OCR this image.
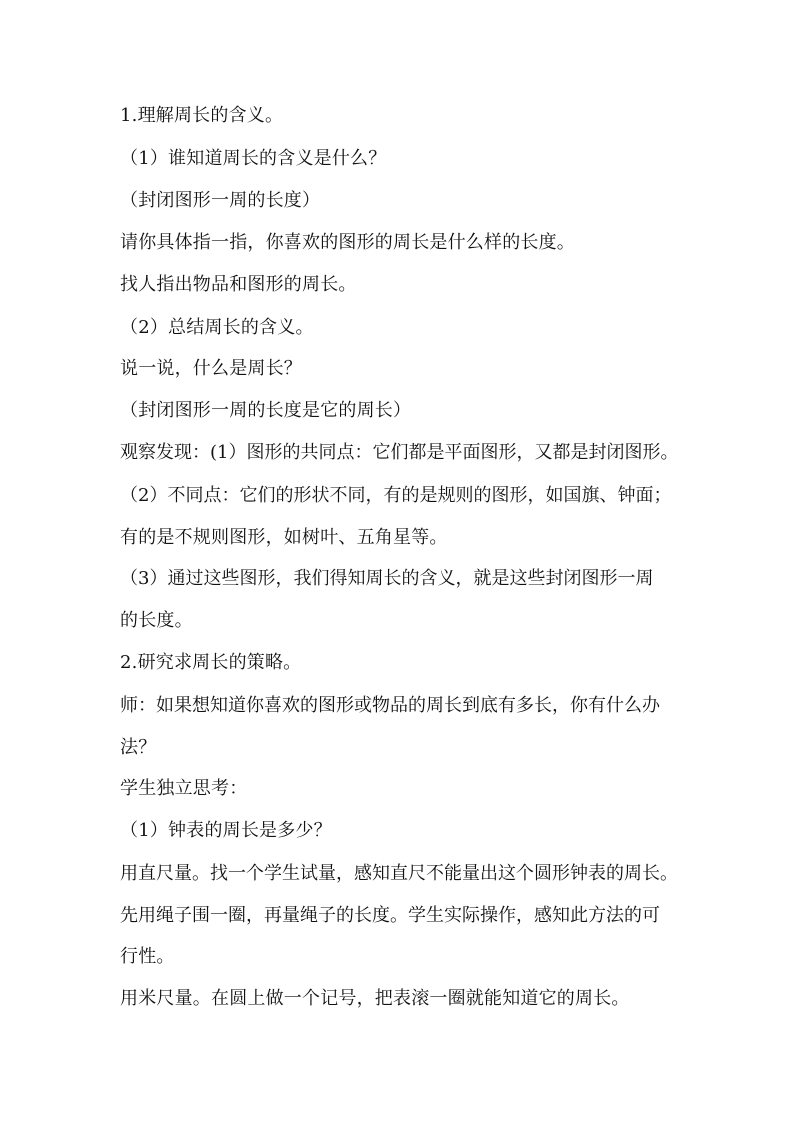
1.理解周长的含义。
（1）谁知道周长的含义是什么？
（封闭图形一周的长度）
请你具体指一指，你喜欢的图形的周长是什么样的长度。
找人指出物品和图形的周长。
（2）总结周长的含义。
说一说，什么是周长？
（封闭图形一周的长度是它的周长）
观察发现：(1）图形的共同点：它们都是平面图形，又都是封闭图形。
（2）不同点：它们的形状不同，有的是规则的图形，如国旗、钟面；
有的是不规则图形，如树叶、五角星等。
（3）通过这些图形，我们得知周长的含义，就是这些封闭图形一周
的长度。
2.研究求周长的策略。
师：如果想知道你喜欢的图形或物品的周长到底有多长，你有什么办
法？
学生独立思考：
（1）钟表的周长是多少？
用直尺量。找一个学生试量，感知直尺不能量出这个圆形钟表的周长。
先用绳子围一圈，再量绳子的长度。学生实际操作，感知此方法的可
行性。
用米尺量。在圆上做一个记号，把表滚一圈就能知道它的周长。
